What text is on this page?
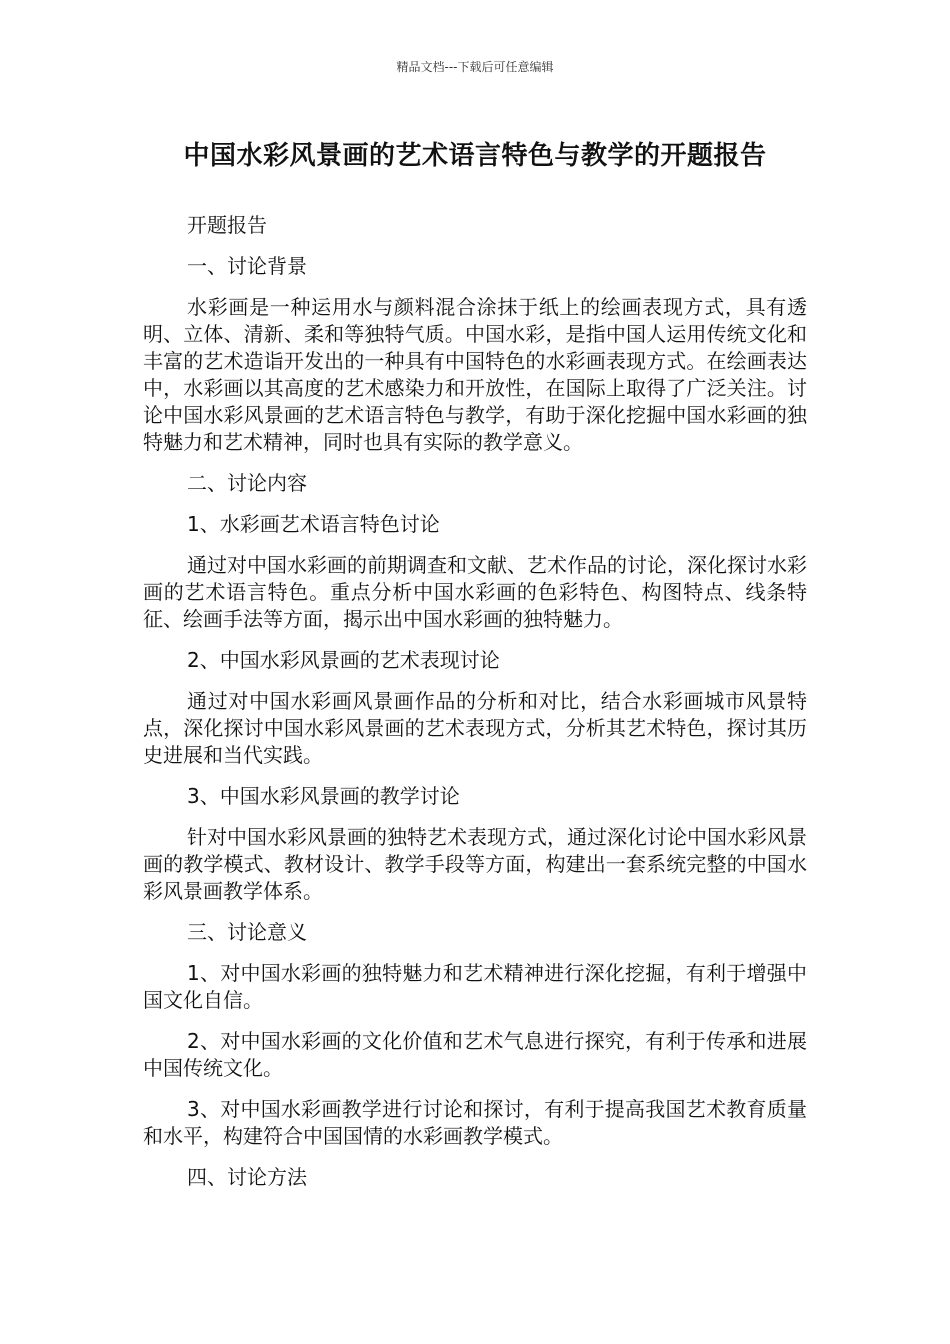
精品文档---下载后可任意编辑
中国水彩风景画的艺术语言特色与教学的开题报告

开题报告

一、讨论背景

水彩画是一种运用水与颜料混合涂抹于纸上的绘画表现方式，具有透明、立体、清新、柔和等独特气质。中国水彩，是指中国人运用传统文化和丰富的艺术造诣开发出的一种具有中国特色的水彩画表现方式。在绘画表达中，水彩画以其高度的艺术感染力和开放性，在国际上取得了广泛关注。讨论中国水彩风景画的艺术语言特色与教学，有助于深化挖掘中国水彩画的独特魅力和艺术精神，同时也具有实际的教学意义。

二、讨论内容

1、水彩画艺术语言特色讨论

通过对中国水彩画的前期调查和文献、艺术作品的讨论，深化探讨水彩画的艺术语言特色。重点分析中国水彩画的色彩特色、构图特点、线条特征、绘画手法等方面，揭示出中国水彩画的独特魅力。

2、中国水彩风景画的艺术表现讨论

通过对中国水彩画风景画作品的分析和对比，结合水彩画城市风景特点，深化探讨中国水彩风景画的艺术表现方式，分析其艺术特色，探讨其历史进展和当代实践。

3、中国水彩风景画的教学讨论

针对中国水彩风景画的独特艺术表现方式，通过深化讨论中国水彩风景画的教学模式、教材设计、教学手段等方面，构建出一套系统完整的中国水彩风景画教学体系。

三、讨论意义

1、对中国水彩画的独特魅力和艺术精神进行深化挖掘，有利于增强中国文化自信。

2、对中国水彩画的文化价值和艺术气息进行探究，有利于传承和进展中国传统文化。

3、对中国水彩画教学进行讨论和探讨，有利于提高我国艺术教育质量和水平，构建符合中国国情的水彩画教学模式。

四、讨论方法
